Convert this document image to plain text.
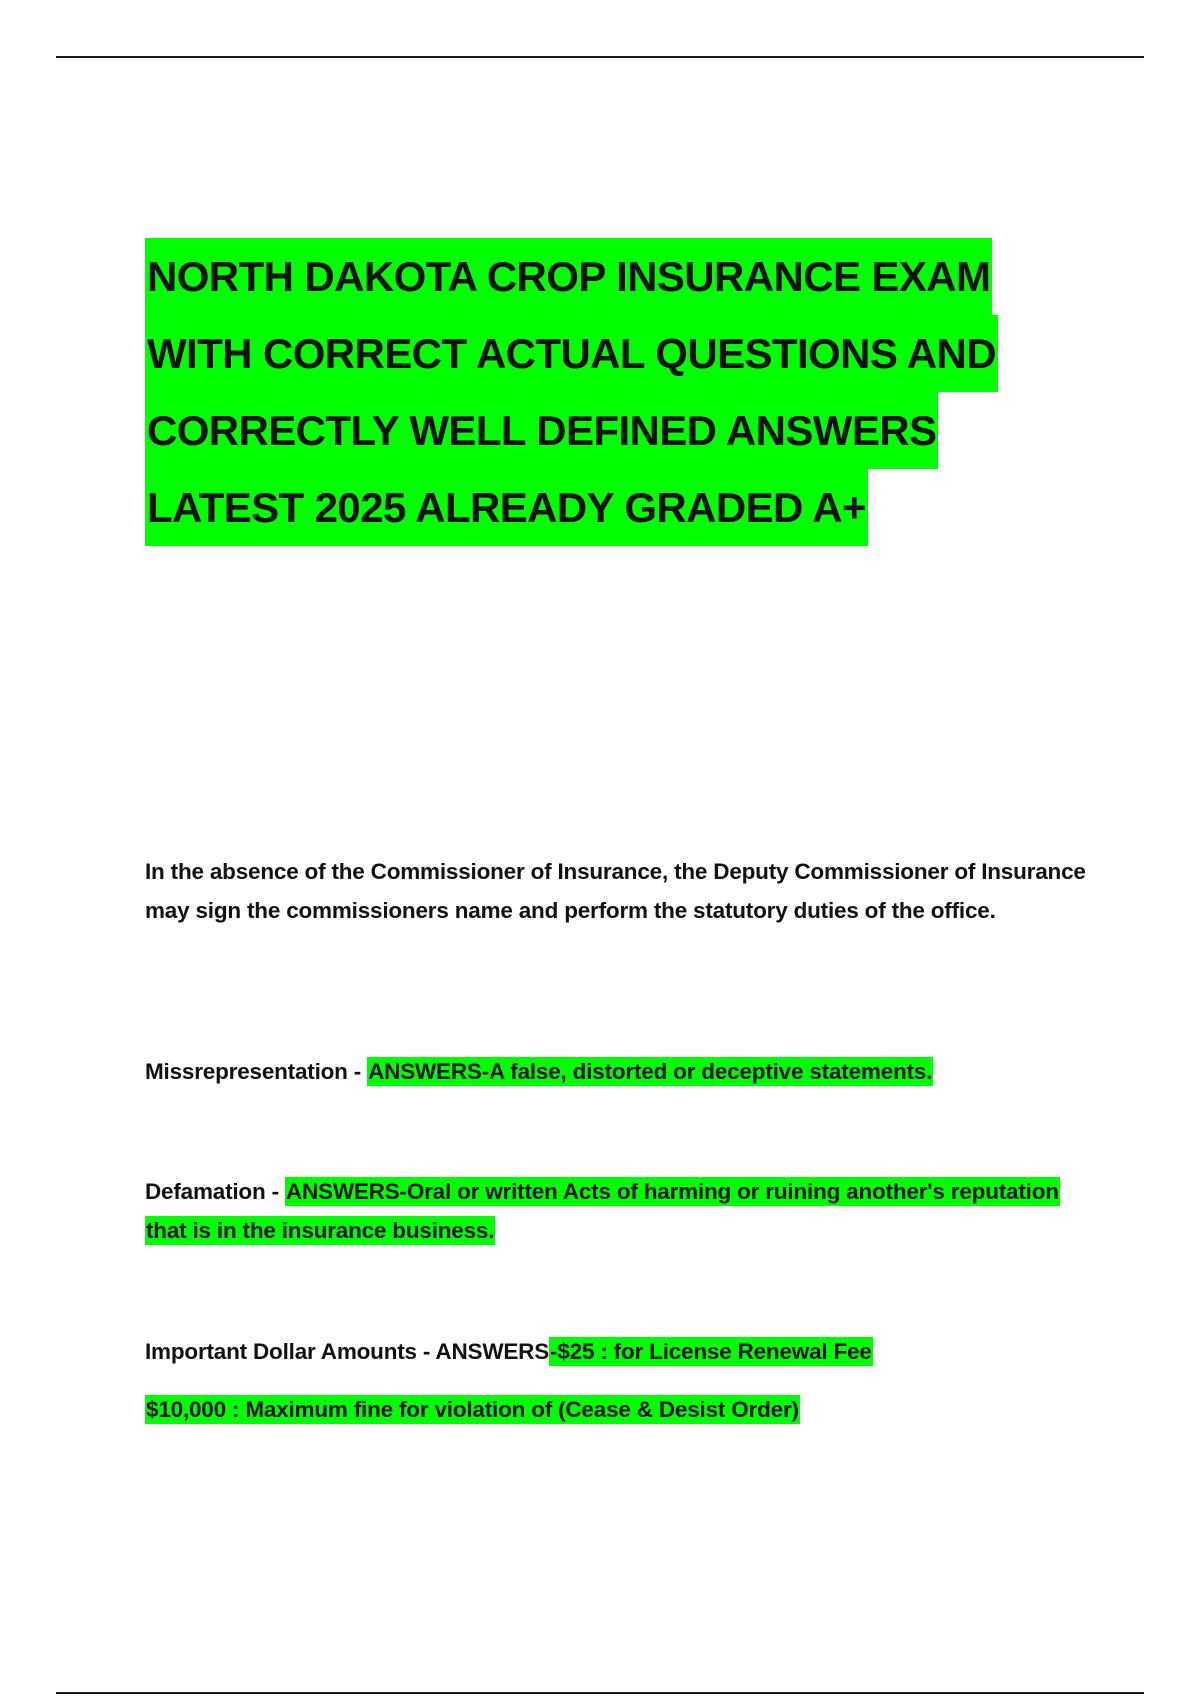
NORTH DAKOTA CROP INSURANCE EXAM
WITH CORRECT ACTUAL QUESTIONS AND
CORRECTLY WELL DEFINED ANSWERS
LATEST 2025 ALREADY GRADED A+

In the absence of the Commissioner of Insurance, the Deputy Commissioner of Insurance may sign the commissioners name and perform the statutory duties of the office.

Missrepresentation - ANSWERS-A false, distorted or deceptive statements.

Defamation - ANSWERS-Oral or written Acts of harming or ruining another's reputation that is in the insurance business.

Important Dollar Amounts - ANSWERS-$25 : for License Renewal Fee

$10,000 : Maximum fine for violation of (Cease & Desist Order)
